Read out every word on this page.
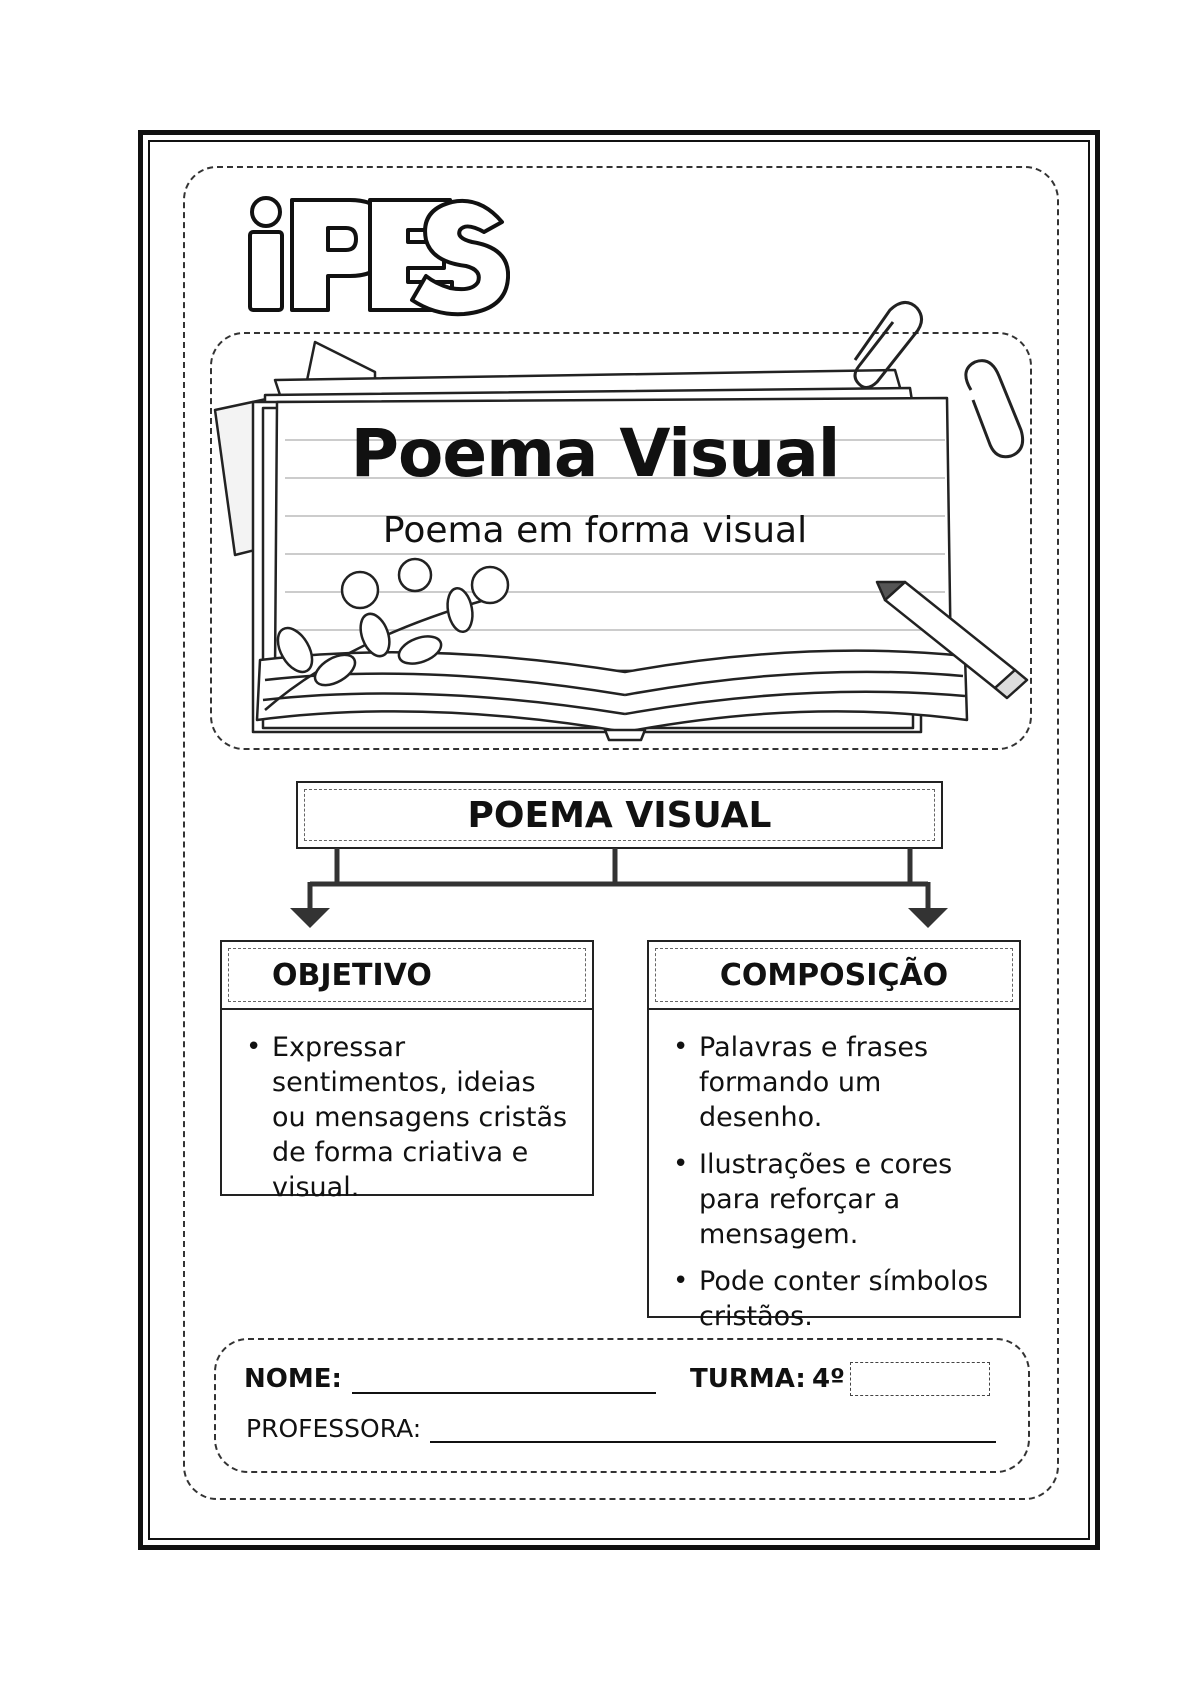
Poema Visual
Poema em forma visual
POEMA VISUAL
OBJETIVO
• Expressar sentimentos, ideias ou mensagens cristãs de forma criativa e visual.
COMPOSIÇÃO
• Palavras e frases formando um desenho.
• Ilustrações e cores para reforçar a mensagem.
• Pode conter símbolos cristãos.
NOME:	TURMA: 4º
PROFESSORA:
